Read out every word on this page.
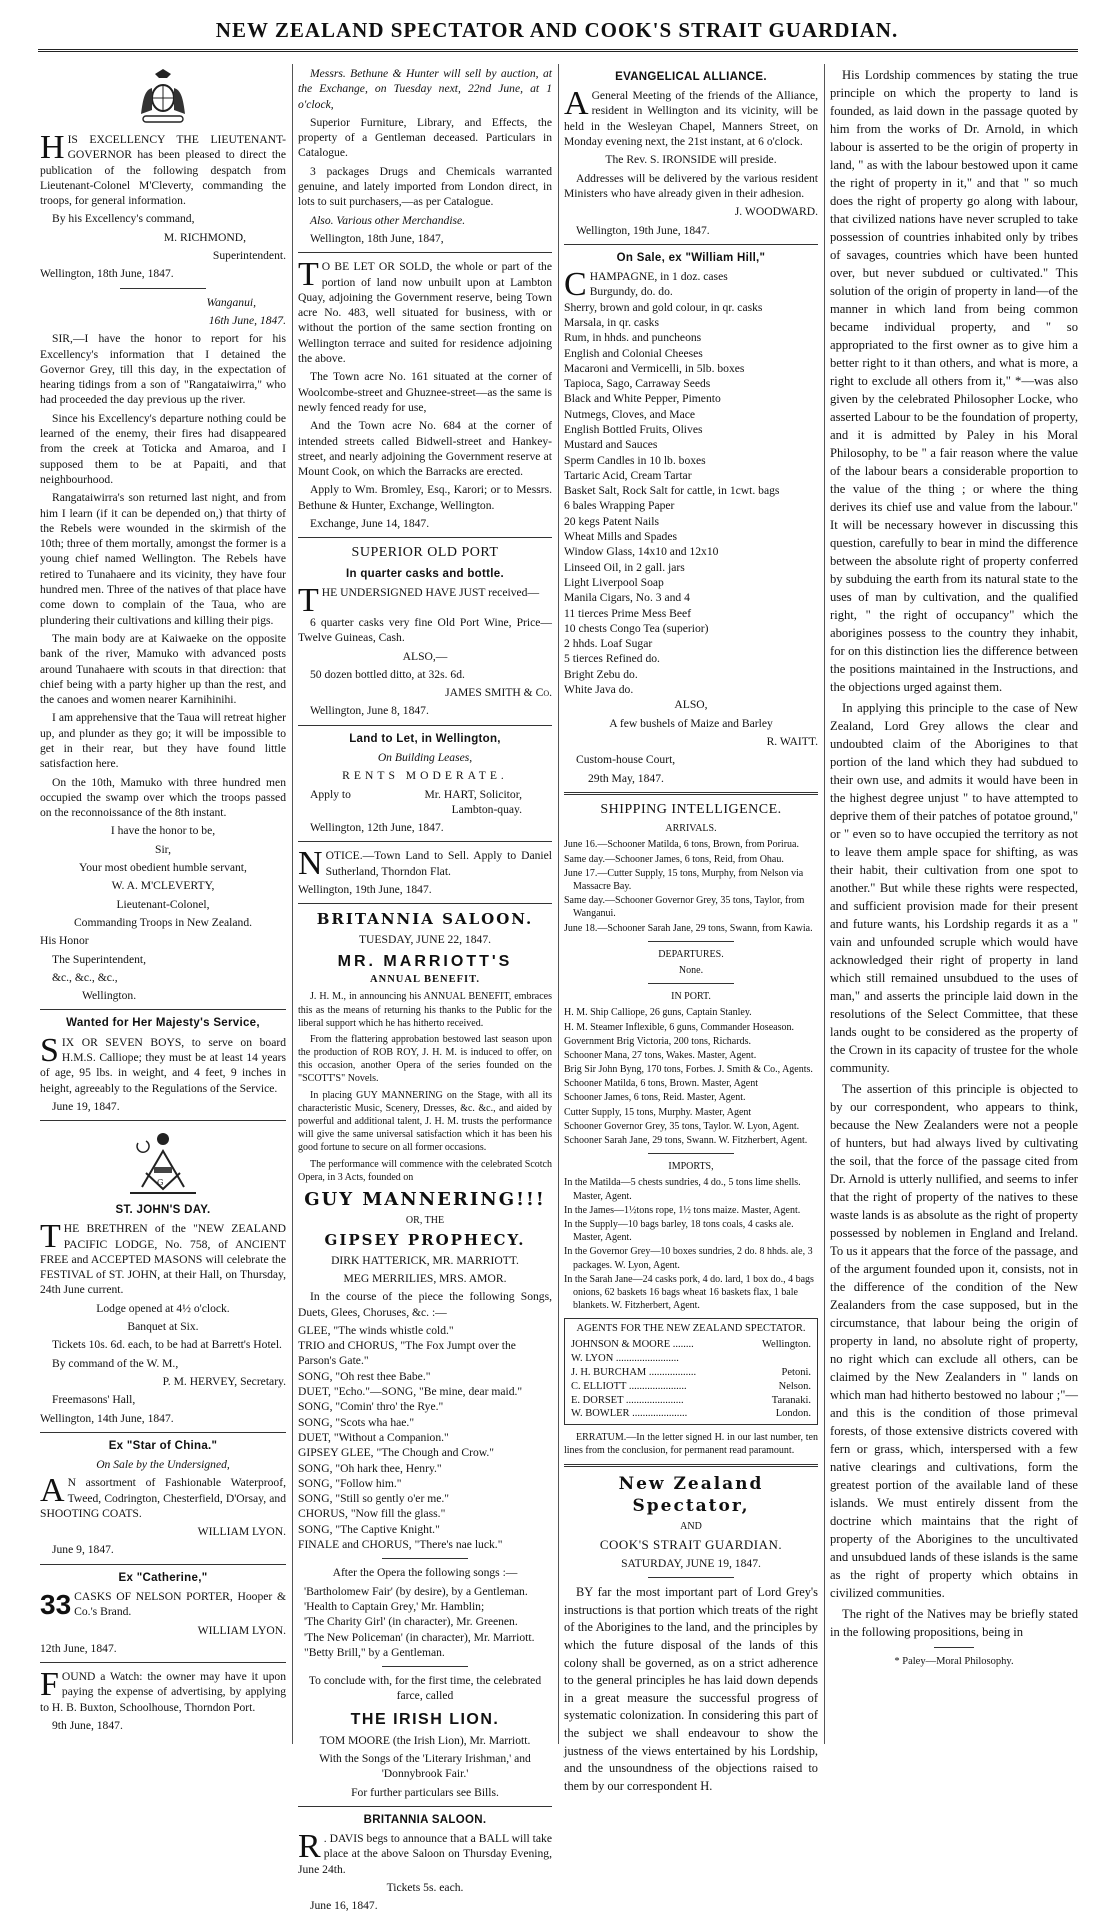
NEW ZEALAND SPECTATOR AND COOK'S STRAIT GUARDIAN.

HIS EXCELLENCY THE LIEUTENANT-GOVERNOR has been pleased to direct the publication of the following despatch from Lieutenant-Colonel M'Cleverty, commanding the troops, for general information.

By his Excellency's command,

M. RICHMOND,

Superintendent.

Wellington, 18th June, 1847.

Wanganui,

16th June, 1847.

SIR,—I have the honor to report for his Excellency's information that I detained the Governor Grey, till this day, in the expectation of hearing tidings from a son of "Rangataiwirra," who had proceeded the day previous up the river.

Since his Excellency's departure nothing could be learned of the enemy, their fires had disappeared from the creek at Toticka and Amaroa, and I supposed them to be at Papaiti, and that neighbourhood.

Rangataiwirra's son returned last night, and from him I learn (if it can be depended on,) that thirty of the Rebels were wounded in the skirmish of the 10th; three of them mortally, amongst the former is a young chief named Wellington. The Rebels have retired to Tunahaere and its vicinity, they have four hundred men. Three of the natives of that place have come down to complain of the Taua, who are plundering their cultivations and killing their pigs.

The main body are at Kaiwaeke on the opposite bank of the river, Mamuko with advanced posts around Tunahaere with scouts in that direction: that chief being with a party higher up than the rest, and the canoes and women nearer Karnihinihi.

I am apprehensive that the Taua will retreat higher up, and plunder as they go; it will be impossible to get in their rear, but they have found little satisfaction here.

On the 10th, Mamuko with three hundred men occupied the swamp over which the troops passed on the reconnoissance of the 8th instant.

I have the honor to be,

Sir,

Your most obedient humble servant,

W. A. M'CLEVERTY,

Lieutenant-Colonel,

Commanding Troops in New Zealand.

His Honor

The Superintendent,

&c., &c., &c.,

Wellington.

Wanted for Her Majesty's Service,

SIX OR SEVEN BOYS, to serve on board H.M.S. Calliope; they must be at least 14 years of age, 95 lbs. in weight, and 4 feet, 9 inches in height, agreeably to the Regulations of the Service.

June 19, 1847.

G
ST. JOHN'S DAY.

THE BRETHREN of the "NEW ZEALAND PACIFIC LODGE, No. 758, of ANCIENT FREE and ACCEPTED MASONS will celebrate the FESTIVAL of ST. JOHN, at their Hall, on Thursday, 24th June current.

Lodge opened at 4½ o'clock.

Banquet at Six.

Tickets 10s. 6d. each, to be had at Barrett's Hotel.

By command of the W. M.,

P. M. HERVEY, Secretary.

Freemasons' Hall,

Wellington, 14th June, 1847.

Ex "Star of China."

On Sale by the Undersigned,

A N assortment of Fashionable Waterproof, Tweed, Codrington, Chesterfield, D'Orsay, and SHOOTING COATS.

WILLIAM LYON.

June 9, 1847.

Ex "Catherine,"

33 CASKS OF NELSON PORTER, Hooper & Co.'s Brand.

WILLIAM LYON.

12th June, 1847.

FOUND a Watch: the owner may have it upon paying the expense of advertising, by applying to H. B. Buxton, Schoolhouse, Thorndon Port.

9th June, 1847.

Messrs. Bethune & Hunter will sell by auction, at the Exchange, on Tuesday next, 22nd June, at 1 o'clock,

Superior Furniture, Library, and Effects, the property of a Gentleman deceased. Particulars in Catalogue.

3 packages Drugs and Chemicals warranted genuine, and lately imported from London direct, in lots to suit purchasers,—as per Catalogue.

Also. Various other Merchandise.

Wellington, 18th June, 1847,

T O BE LET OR SOLD, the whole or part of the portion of land now unbuilt upon at Lambton Quay, adjoining the Government reserve, being Town acre No. 483, well situated for business, with or without the portion of the same section fronting on Wellington terrace and suited for residence adjoining the above.

The Town acre No. 161 situated at the corner of Woolcombe-street and Ghuznee-street—as the same is newly fenced ready for use,

And the Town acre No. 684 at the corner of intended streets called Bidwell-street and Hankey-street, and nearly adjoining the Government reserve at Mount Cook, on which the Barracks are erected.

Apply to Wm. Bromley, Esq., Karori; or to Messrs. Bethune & Hunter, Exchange, Wellington.

Exchange, June 14, 1847.

SUPERIOR OLD PORT
In quarter casks and bottle.

THE UNDERSIGNED HAVE JUST received—

6 quarter casks very fine Old Port Wine, Price—Twelve Guineas, Cash.

ALSO,—

50 dozen bottled ditto, at 32s. 6d.

JAMES SMITH & Co.

Wellington, June 8, 1847.

Land to Let, in Wellington,

On Building Leases,

RENTS MODERATE.

Apply to	Mr. HART, Solicitor,

Lambton-quay.

Wellington, 12th June, 1847.

NOTICE.—Town Land to Sell. Apply to Daniel Sutherland, Thorndon Flat.

Wellington, 19th June, 1847.

BRITANNIA SALOON.

TUESDAY, JUNE 22, 1847.

MR. MARRIOTT'S

ANNUAL BENEFIT.

J. H. M., in announcing his ANNUAL BENEFIT, embraces this as the means of returning his thanks to the Public for the liberal support which he has hitherto received.

From the flattering approbation bestowed last season upon the production of ROB ROY, J. H. M. is induced to offer, on this occasion, another Opera of the series founded on the "SCOTT'S" Novels.

In placing GUY MANNERING on the Stage, with all its characteristic Music, Scenery, Dresses, &c. &c., and aided by powerful and additional talent, J. H. M. trusts the performance will give the same universal satisfaction which it has been his good fortune to secure on all former occasions.

The performance will commence with the celebrated Scotch Opera, in 3 Acts, founded on

GUY MANNERING!!!

OR, THE

GIPSEY PROPHECY.

DIRK HATTERICK, MR. MARRIOTT.

MEG MERRILIES, MRS. AMOR.

In the course of the piece the following Songs, Duets, Glees, Choruses, &c. :—

GLEE, "The winds whistle cold."

TRIO and CHORUS, "The Fox Jumpt over the Parson's Gate."

SONG, "Oh rest thee Babe."

DUET, "Echo."—SONG, "Be mine, dear maid."

SONG, "Comin' thro' the Rye."

SONG, "Scots wha hae."

DUET, "Without a Companion."

GIPSEY GLEE, "The Chough and Crow."

SONG, "Oh hark thee, Henry."

SONG, "Follow him."

SONG, "Still so gently o'er me."

CHORUS, "Now fill the glass."

SONG, "The Captive Knight."

FINALE and CHORUS, "There's nae luck."

After the Opera the following songs :—

'Bartholomew Fair' (by desire), by a Gentleman.

'Health to Captain Grey,' Mr. Hamblin;

'The Charity Girl' (in character), Mr. Greenen.

'The New Policeman' (in character), Mr. Marriott.

"Betty Brill," by a Gentleman.

To conclude with, for the first time, the celebrated farce, called

THE IRISH LION.

TOM MOORE (the Irish Lion), Mr. Marriott.

With the Songs of the 'Literary Irishman,' and 'Donnybrook Fair.'

For further particulars see Bills.

BRITANNIA SALOON.

R . DAVIS begs to announce that a BALL will take place at the above Saloon on Thursday Evening, June 24th.

Tickets 5s. each.

June 16, 1847.

EVANGELICAL ALLIANCE.

A General Meeting of the friends of the Alliance, resident in Wellington and its vicinity, will be held in the Wesleyan Chapel, Manners Street, on Monday evening next, the 21st instant, at 6 o'clock.

The Rev. S. IRONSIDE will preside.

Addresses will be delivered by the various resident Ministers who have already given in their adhesion.

J. WOODWARD.

Wellington, 19th June, 1847.

On Sale, ex "William Hill,"

CHAMPAGNE, in 1 doz. cases

Burgundy, do. do.

Sherry, brown and gold colour, in qr. casks

Marsala, in qr. casks

Rum, in hhds. and puncheons

English and Colonial Cheeses

Macaroni and Vermicelli, in 5lb. boxes

Tapioca, Sago, Carraway Seeds

Black and White Pepper, Pimento

Nutmegs, Cloves, and Mace

English Bottled Fruits, Olives

Mustard and Sauces

Sperm Candles in 10 lb. boxes

Tartaric Acid, Cream Tartar

Basket Salt, Rock Salt for cattle, in 1cwt. bags

6 bales Wrapping Paper

20 kegs Patent Nails

Wheat Mills and Spades

Window Glass, 14x10 and 12x10

Linseed Oil, in 2 gall. jars

Light Liverpool Soap

Manila Cigars, No. 3 and 4

11 tierces Prime Mess Beef

10 chests Congo Tea (superior)

2 hhds. Loaf Sugar

5 tierces Refined do.

Bright Zebu do.

White Java do.

ALSO,

A few bushels of Maize and Barley

R. WAITT.

Custom-house Court,

29th May, 1847.

SHIPPING INTELLIGENCE.

ARRIVALS.

June 16.—Schooner Matilda, 6 tons, Brown, from Porirua.

Same day.—Schooner James, 6 tons, Reid, from Ohau.

June 17.—Cutter Supply, 15 tons, Murphy, from Nelson via Massacre Bay.

Same day.—Schooner Governor Grey, 35 tons, Taylor, from Wanganui.

June 18.—Schooner Sarah Jane, 29 tons, Swann, from Kawia.

DEPARTURES.

None.

IN PORT.

H. M. Ship Calliope, 26 guns, Captain Stanley.

H. M. Steamer Inflexible, 6 guns, Commander Hoseason.

Government Brig Victoria, 200 tons, Richards.

Schooner Mana, 27 tons, Wakes. Master, Agent.

Brig Sir John Byng, 170 tons, Forbes. J. Smith & Co., Agents.

Schooner Matilda, 6 tons, Brown. Master, Agent

Schooner James, 6 tons, Reid. Master, Agent.

Cutter Supply, 15 tons, Murphy. Master, Agent

Schooner Governor Grey, 35 tons, Taylor. W. Lyon, Agent.

Schooner Sarah Jane, 29 tons, Swann. W. Fitzherbert, Agent.

IMPORTS,

In the Matilda—5 chests sundries, 4 do., 5 tons lime shells. Master, Agent.

In the James—1½tons rope, 1½ tons maize. Master, Agent.

In the Supply—10 bags barley, 18 tons coals, 4 casks ale. Master, Agent.

In the Governor Grey—10 boxes sundries, 2 do. 8 hhds. ale, 3 packages. W. Lyon, Agent.

In the Sarah Jane—24 casks pork, 4 do. lard, 1 box do., 4 bags onions, 62 baskets 16 bags wheat 16 baskets flax, 1 bale blankets. W. Fitzherbert, Agent.

AGENTS FOR THE NEW ZEALAND SPECTATOR.

JOHNSON & MOORE ........	Wellington.
W. LYON ........................
J. H. BURCHAM ..................	Petoni.
C. ELLIOTT ......................	Nelson.
E. DORSET ......................	Taranaki.
W. BOWLER .....................	London.

ERRATUM.—In the letter signed H. in our last number, ten lines from the conclusion, for permanent read paramount.

New Zealand Spectator,

AND

COOK'S STRAIT GUARDIAN.

SATURDAY, JUNE 19, 1847.

BY far the most important part of Lord Grey's instructions is that portion which treats of the right of the Aborigines to the land, and the principles by which the future disposal of the lands of this colony shall be governed, as on a strict adherence to the general principles he has laid down depends in a great measure the successful progress of systematic colonization. In considering this part of the subject we shall endeavour to show the justness of the views entertained by his Lordship, and the unsoundness of the objections raised to them by our correspondent H.

His Lordship commences by stating the true principle on which the property to land is founded, as laid down in the passage quoted by him from the works of Dr. Arnold, in which labour is asserted to be the origin of property in land, " as with the labour bestowed upon it came the right of property in it," and that " so much does the right of property go along with labour, that civilized nations have never scrupled to take possession of countries inhabited only by tribes of savages, countries which have been hunted over, but never subdued or cultivated." This solution of the origin of property in land—of the manner in which land from being common became individual property, and " so appropriated to the first owner as to give him a better right to it than others, and what is more, a right to exclude all others from it," *—was also given by the celebrated Philosopher Locke, who asserted Labour to be the foundation of property, and it is admitted by Paley in his Moral Philosophy, to be " a fair reason where the value of the labour bears a considerable proportion to the value of the thing ; or where the thing derives its chief use and value from the labour." It will be necessary however in discussing this question, carefully to bear in mind the difference between the absolute right of property conferred by subduing the earth from its natural state to the uses of man by cultivation, and the qualified right, " the right of occupancy" which the aborigines possess to the country they inhabit, for on this distinction lies the difference between the positions maintained in the Instructions, and the objections urged against them.

In applying this principle to the case of New Zealand, Lord Grey allows the clear and undoubted claim of the Aborigines to that portion of the land which they had subdued to their own use, and admits it would have been in the highest degree unjust " to have attempted to deprive them of their patches of potatoe ground," or " even so to have occupied the territory as not to leave them ample space for shifting, as was their habit, their cultivation from one spot to another." But while these rights were respected, and sufficient provision made for their present and future wants, his Lordship regards it as a " vain and unfounded scruple which would have acknowledged their right of property in land which still remained unsubdued to the uses of man," and asserts the principle laid down in the resolutions of the Select Committee, that these lands ought to be considered as the property of the Crown in its capacity of trustee for the whole community.

The assertion of this principle is objected to by our correspondent, who appears to think, because the New Zealanders were not a people of hunters, but had always lived by cultivating the soil, that the force of the passage cited from Dr. Arnold is utterly nullified, and seems to infer that the right of property of the natives to these waste lands is as absolute as the right of property possessed by noblemen in England and Ireland. To us it appears that the force of the passage, and of the argument founded upon it, consists, not in the difference of the condition of the New Zealanders from the case supposed, but in the circumstance, that labour being the origin of property in land, no absolute right of property, no right which can exclude all others, can be claimed by the New Zealanders in " lands on which man had hitherto bestowed no labour ;"—and this is the condition of those primeval forests, of those extensive districts covered with fern or grass, which, interspersed with a few native clearings and cultivations, form the greatest portion of the available land of these islands. We must entirely dissent from the doctrine which maintains that the right of property of the Aborigines to the uncultivated and unsubdued lands of these islands is the same as the right of property which obtains in civilized communities.

The right of the Natives may be briefly stated in the following propositions, being in

* Paley—Moral Philosophy.
